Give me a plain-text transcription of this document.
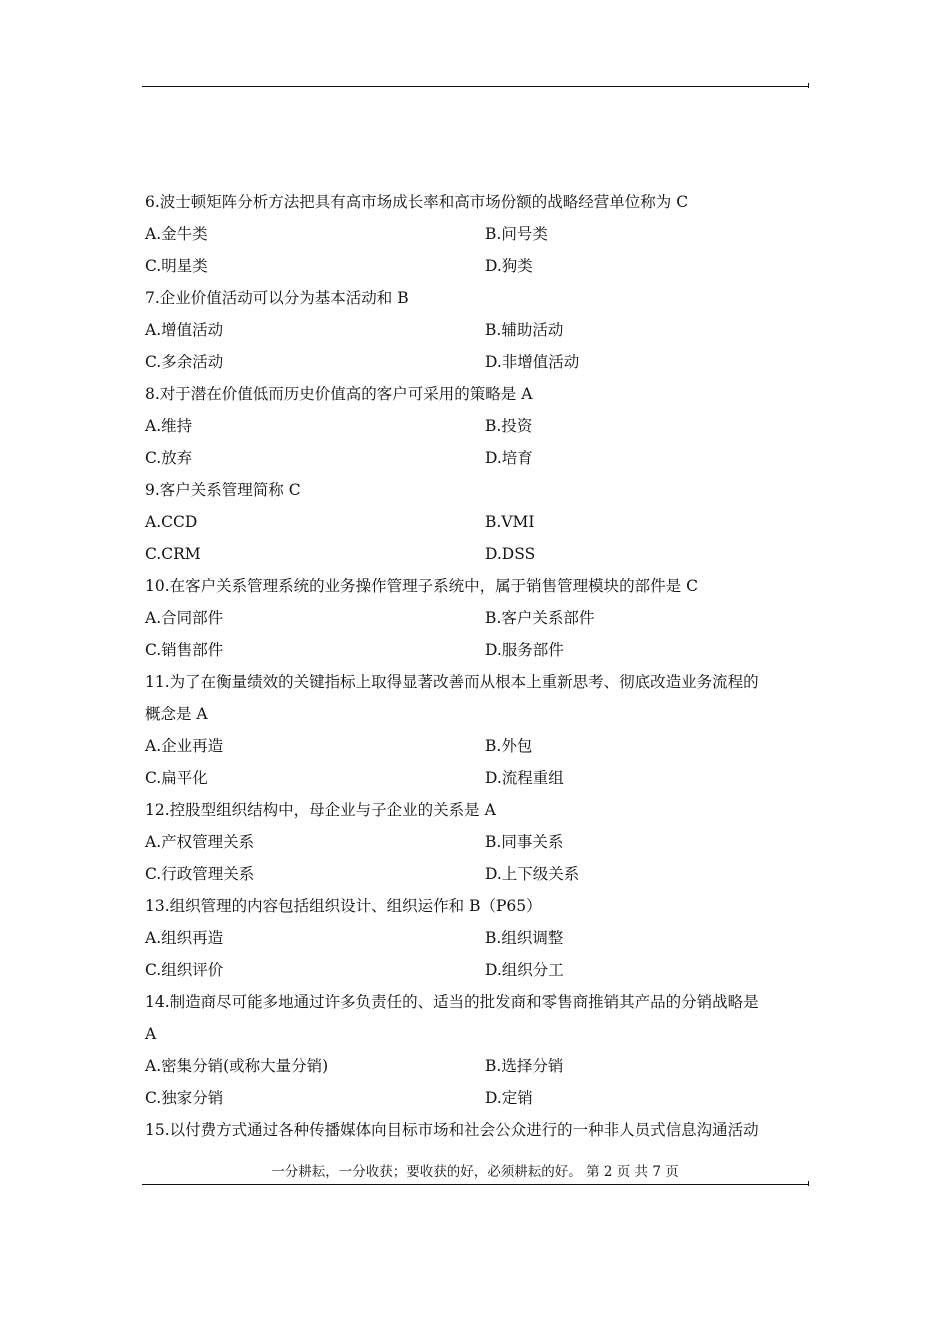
6.波士顿矩阵分析方法把具有高市场成长率和高市场份额的战略经营单位称为 C
A.金牛类	B.问号类
C.明星类	D.狗类
7.企业价值活动可以分为基本活动和 B
A.增值活动	B.辅助活动
C.多余活动	D.非增值活动
8.对于潜在价值低而历史价值高的客户可采用的策略是 A
A.维持	B.投资
C.放弃	D.培育
9.客户关系管理简称 C
A.CCD	B.VMI
C.CRM	D.DSS
10.在客户关系管理系统的业务操作管理子系统中，属于销售管理模块的部件是 C
A.合同部件	B.客户关系部件
C.销售部件	D.服务部件
11.为了在衡量绩效的关键指标上取得显著改善而从根本上重新思考、彻底改造业务流程的
概念是 A
A.企业再造	B.外包
C.扁平化	D.流程重组
12.控股型组织结构中，母企业与子企业的关系是 A
A.产权管理关系	B.同事关系
C.行政管理关系	D.上下级关系
13.组织管理的内容包括组织设计、组织运作和 B（P65）
A.组织再造	B.组织调整
C.组织评价	D.组织分工
14.制造商尽可能多地通过许多负责任的、适当的批发商和零售商推销其产品的分销战略是
A
A.密集分销(或称大量分销)	B.选择分销
C.独家分销	D.定销
15.以付费方式通过各种传播媒体向目标市场和社会公众进行的一种非人员式信息沟通活动
一分耕耘，一分收获；要收获的好，必须耕耘的好。 第 2 页 共 7 页
